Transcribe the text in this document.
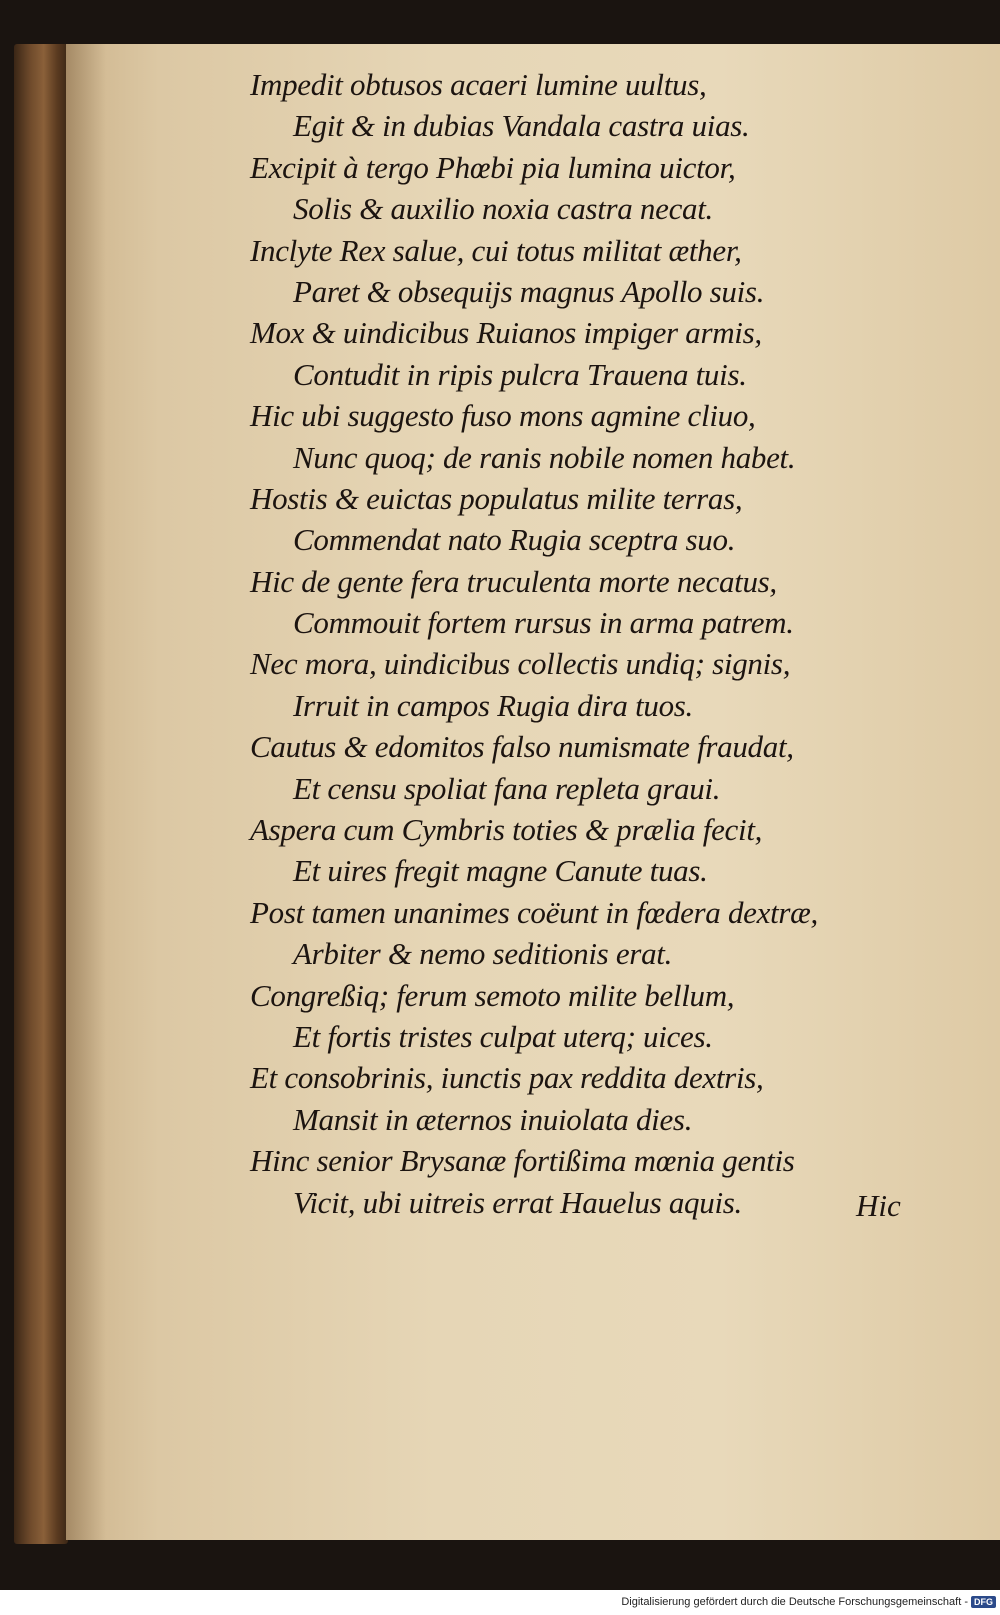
Impedit obtusos acaeri lumine uultus,
Egit & in dubias Vandala castra uias.
Excipit à tergo Phœbi pia lumina uictor,
Solis & auxilio noxia castra necat.
Inclyte Rex salue, cui totus militat æther,
Paret & obsequijs magnus Apollo suis.
Mox & uindicibus Ruianos impiger armis,
Contudit in ripis pulcra Trauena tuis.
Hic ubi suggesto fuso mons agmine cliuo,
Nunc quoq; de ranis nobile nomen habet.
Hostis & euictas populatus milite terras,
Commendat nato Rugia sceptra suo.
Hic de gente fera truculenta morte necatus,
Commouit fortem rursus in arma patrem.
Nec mora, uindicibus collectis undiq; signis,
Irruit in campos Rugia dira tuos.
Cautus & edomitos falso numismate fraudat,
Et censu spoliat fana repleta graui.
Aspera cum Cymbris toties & prælia fecit,
Et uires fregit magne Canute tuas.
Post tamen unanimes coëunt in fœdera dextræ,
Arbiter & nemo seditionis erat.
Congreßiq; ferum semoto milite bellum,
Et fortis tristes culpat uterq; uices.
Et consobrinis, iunctis pax reddita dextris,
Mansit in æternos inuiolata dies.
Hinc senior Brysanæ fortißima mœnia gentis
Vicit, ubi uitreis errat Hauelus aquis.	Hic
Digitalisierung gefördert durch die Deutsche Forschungsgemeinschaft - DFG
